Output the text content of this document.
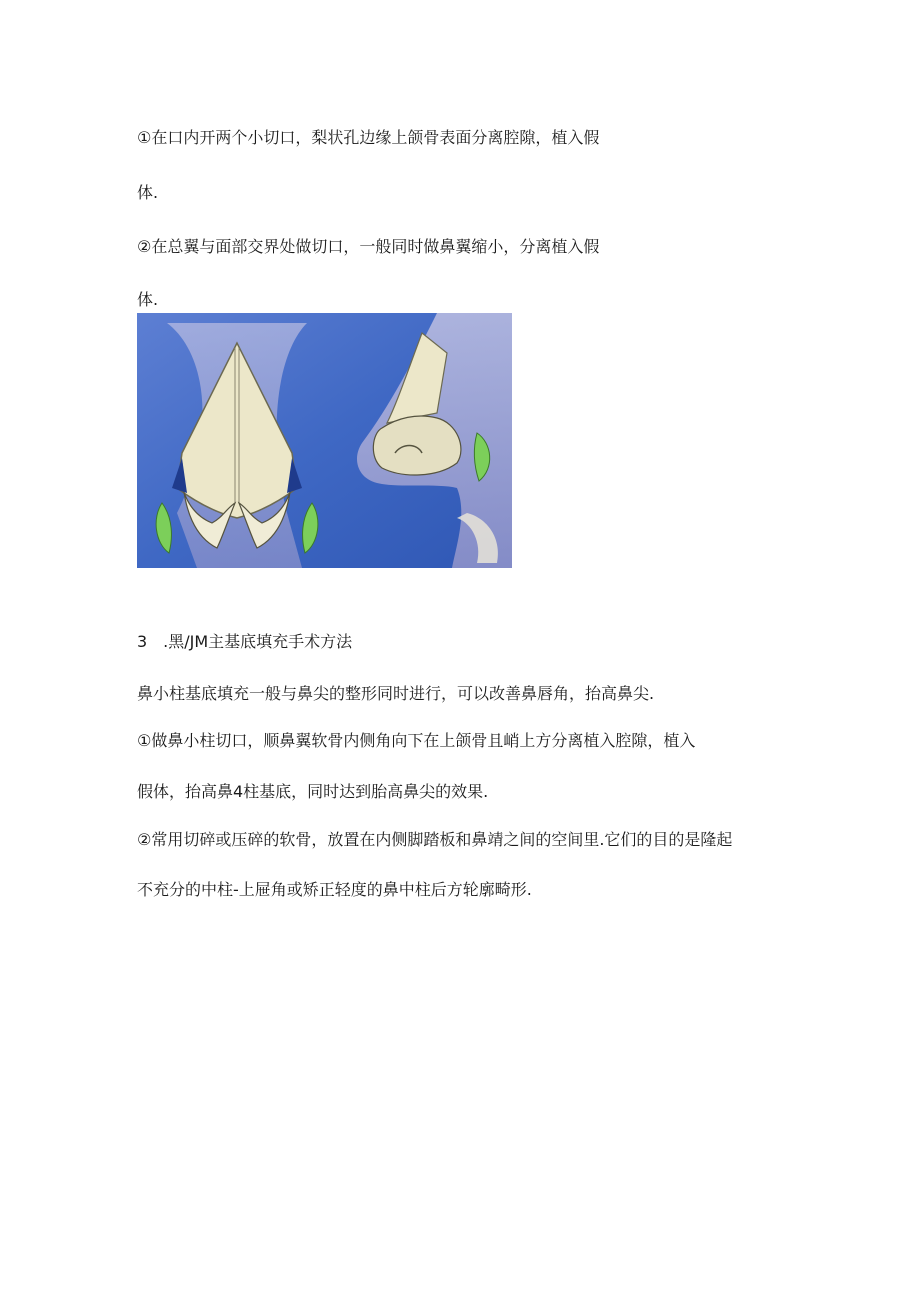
①在口内开两个小切口，梨状孔边缘上颌骨表面分离腔隙，植入假
体.
②在总翼与面部交界处做切口，一般同时做鼻翼缩小，分离植入假
体.
3　.黑/JM主基底填充手术方法
鼻小柱基底填充一般与鼻尖的整形同时进行，可以改善鼻唇角，抬高鼻尖.
①做鼻小柱切口，顺鼻翼软骨内侧角向下在上颌骨且峭上方分离植入腔隙，植入
假体，抬高鼻4柱基底，同时达到胎高鼻尖的效果.
②常用切碎或压碎的软骨，放置在内侧脚踏板和鼻靖之间的空间里.它们的目的是隆起
不充分的中柱-上屉角或矫正轻度的鼻中柱后方轮廓畸形.
